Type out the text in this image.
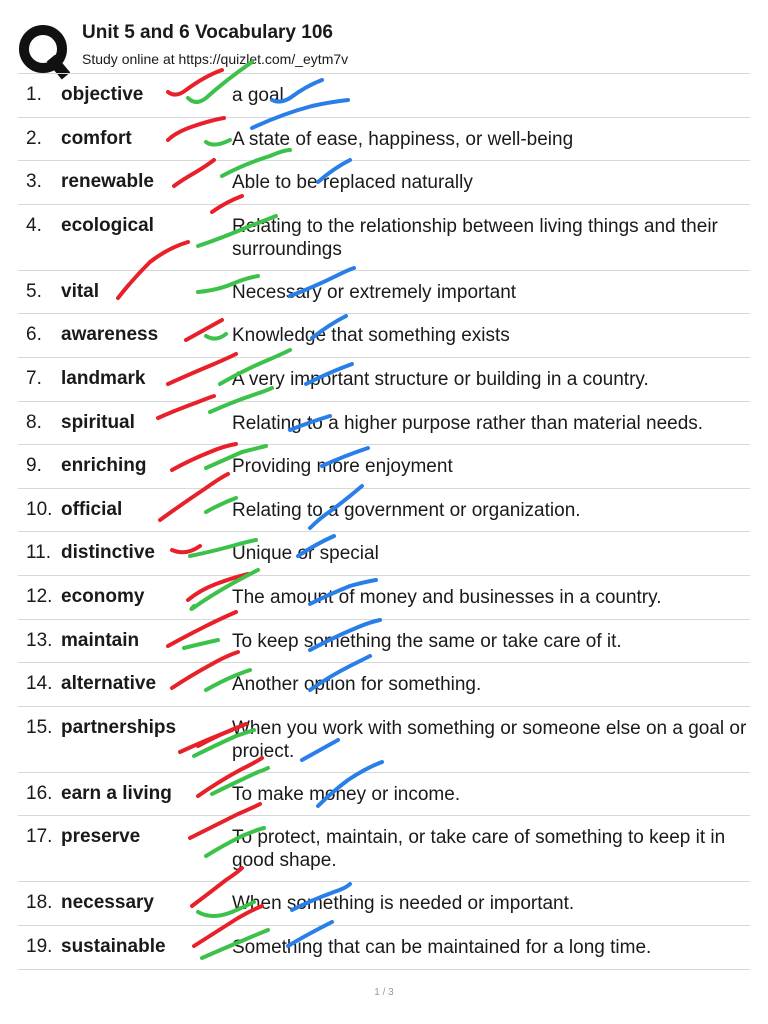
Unit 5 and 6 Vocabulary 106
Study online at https://quizlet.com/_eytm7v
1. objective	a goal
2. comfort	A state of ease, happiness, or well-being
3. renewable	Able to be replaced naturally
4. ecological	Relating to the relationship between living things and their surroundings
5. vital	Necessary or extremely important
6. awareness	Knowledge that something exists
7. landmark	A very important structure or building in a country.
8. spiritual	Relating to a higher purpose rather than material needs.
9. enriching	Providing more enjoyment
10. official	Relating to a government or organization.
11. distinctive	Unique or special
12. economy	The amount of money and businesses in a country.
13. maintain	To keep something the same or take care of it.
14. alternative	Another option for something.
15. partnerships	When you work with something or someone else on a goal or project.
16. earn a living	To make money or income.
17. preserve	To protect, maintain, or take care of something to keep it in good shape.
18. necessary	When something is needed or important.
19. sustainable	Something that can be maintained for a long time.
1 / 3
